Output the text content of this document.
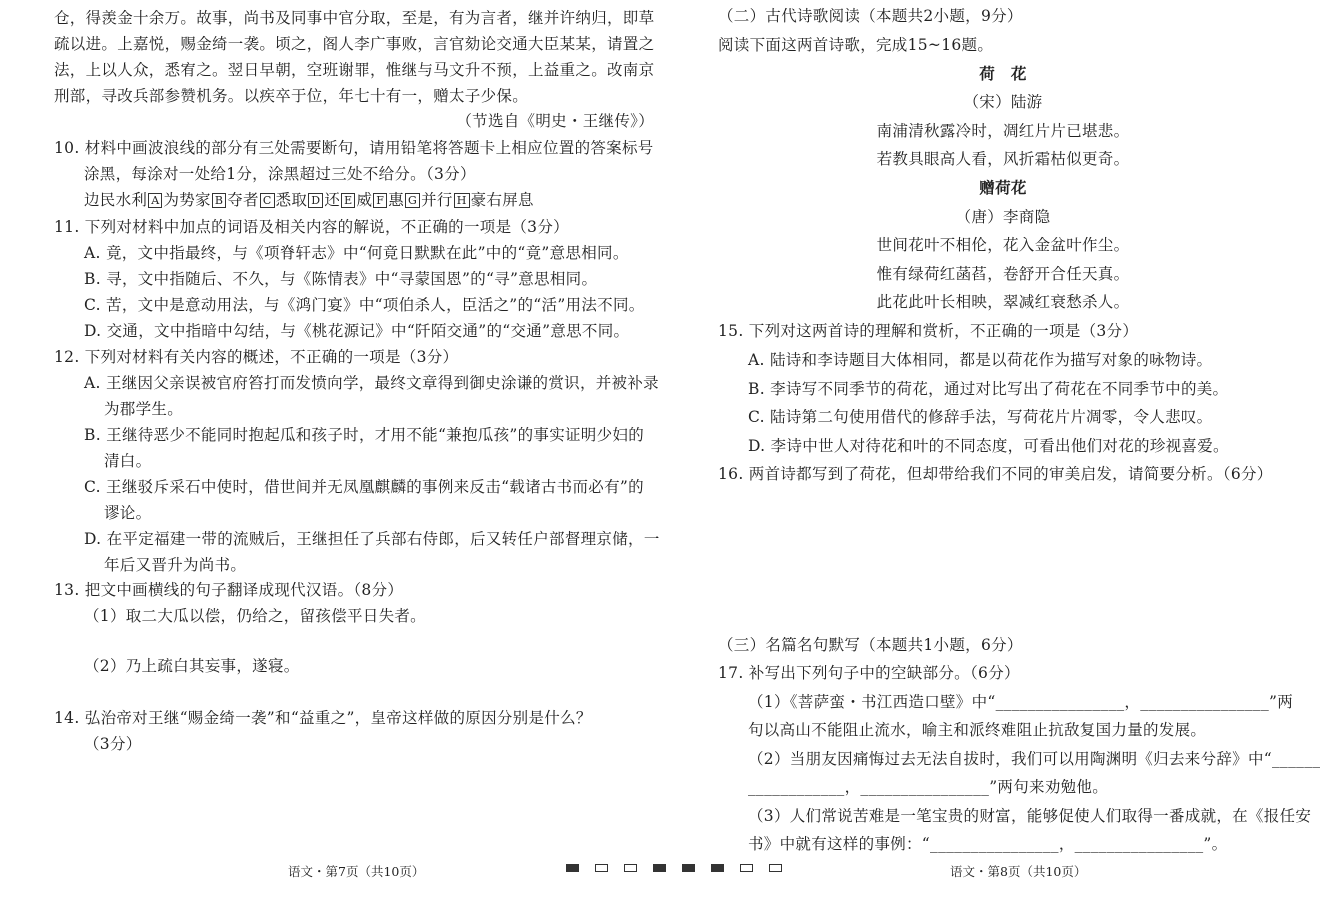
仓，得羡金十余万。故事，尚书及同事中官分取，至是，有为言者，继并许纳归，即草
疏以进。上嘉悦，赐金绮一袭。顷之，阁人李广事败，言官劾论交通大臣某某，请置之
法，上以人众，悉宥之。翌日早朝，空班谢罪，惟继与马文升不预，上益重之。改南京
刑部，寻改兵部参赞机务。以疾卒于位，年七十有一，赠太子少保。
（节选自《明史・王继传》）
10. 材料中画波浪线的部分有三处需要断句，请用铅笔将答题卡上相应位置的答案标号
涂黑，每涂对一处给1分，涂黑超过三处不给分。（3分）
边民水利 A 为势家 B 夺者 C 悉取 D 还 E 威 F 惠 G 并行 H 豪右屏息
11. 下列对材料中加点的词语及相关内容的解说，不正确的一项是（3分）
A. 竟，文中指最终，与《项脊轩志》中“何竟日默默在此”中的“竟”意思相同。
B. 寻，文中指随后、不久，与《陈情表》中“寻蒙国恩”的“寻”意思相同。
C. 苦，文中是意动用法，与《鸿门宴》中“项伯杀人，臣活之”的“活”用法不同。
D. 交通，文中指暗中勾结，与《桃花源记》中“阡陌交通”的“交通”意思不同。
12. 下列对材料有关内容的概述，不正确的一项是（3分）
A. 王继因父亲误被官府笞打而发愤向学，最终文章得到御史涂谦的赏识，并被补录
为郡学生。
B. 王继待恶少不能同时抱起瓜和孩子时，才用不能“兼抱瓜孩”的事实证明少妇的
清白。
C. 王继驳斥采石中使时，借世间并无凤凰麒麟的事例来反击“载诸古书而必有”的
谬论。
D. 在平定福建一带的流贼后，王继担任了兵部右侍郎，后又转任户部督理京储，一
年后又晋升为尚书。
13. 把文中画横线的句子翻译成现代汉语。（8分）
（1）取二大瓜以偿，仍给之，留孩偿平日失者。
（2）乃上疏白其妄事，遂寝。
14. 弘治帝对王继“赐金绮一袭”和“益重之”，皇帝这样做的原因分别是什么？
（3分）
（二）古代诗歌阅读（本题共2小题，9分）
阅读下面这两首诗歌，完成15~16题。
荷　花
（宋）陆游
南浦清秋露冷时，凋红片片已堪悲。
若教具眼高人看，风折霜枯似更奇。
赠荷花
（唐）李商隐
世间花叶不相伦，花入金盆叶作尘。
惟有绿荷红菡萏，卷舒开合任天真。
此花此叶长相映，翠减红衰愁杀人。
15. 下列对这两首诗的理解和赏析，不正确的一项是（3分）
A. 陆诗和李诗题目大体相同，都是以荷花作为描写对象的咏物诗。
B. 李诗写不同季节的荷花，通过对比写出了荷花在不同季节中的美。
C. 陆诗第二句使用借代的修辞手法，写荷花片片凋零，令人悲叹。
D. 李诗中世人对待花和叶的不同态度，可看出他们对花的珍视喜爱。
16. 两首诗都写到了荷花，但却带给我们不同的审美启发，请简要分析。（6分）
（三）名篇名句默写（本题共1小题，6分）
17. 补写出下列句子中的空缺部分。（6分）
（1）《菩萨蛮・书江西造口壁》中“________________，________________”两
句以高山不能阻止流水，喻主和派终难阻止抗敌复国力量的发展。
（2）当朋友因痛悔过去无法自拔时，我们可以用陶渊明《归去来兮辞》中“______
____________，________________”两句来劝勉他。
（3）人们常说苦难是一笔宝贵的财富，能够促使人们取得一番成就，在《报任安
书》中就有这样的事例：“________________，________________”。
语文・第7页（共10页）	语文・第8页（共10页）
